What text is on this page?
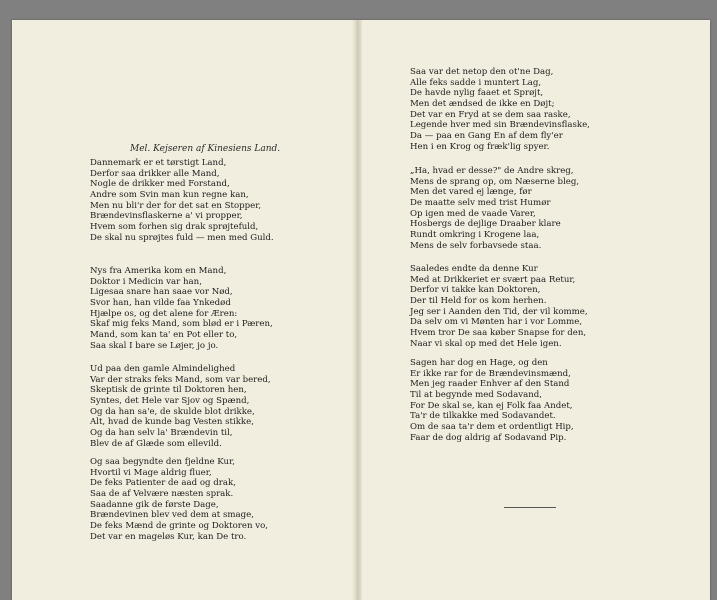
Mel. Kejseren af Kinesiens Land.
Dannemark er et tørstigt Land,
Derfor saa drikker alle Mand,
Nogle de drikker med Forstand,
Andre som Svin man kun regne kan,
Men nu bli'r der for det sat en Stopper,
Brændevinsflaskerne a' vi propper,
Hvem som forhen sig drak sprøjtefuld,
De skal nu sprøjtes fuld — men med Guld.
Nys fra Amerika kom en Mand,
Doktor i Medicin var han,
Ligesaa snare han saae vor Nød,
Svor han, han vilde faa Ynkedød
Hjælpe os, og det alene for Æren:
Skaf mig feks Mand, som blød er i Pæren,
Mand, som kan ta' en Pot eller to,
Saa skal I bare se Løjer, jo jo.
Ud paa den gamle Almindelighed
Var der straks feks Mand, som var bered,
Skeptisk de grinte til Doktoren hen,
Syntes, det Hele var Sjov og Spænd,
Og da han sa'e, de skulde blot drikke,
Alt, hvad de kunde bag Vesten stikke,
Og da han selv la' Brændevin til,
Blev de af Glæde som ellevild.
Og saa begyndte den fjeldne Kur,
Hvortil vi Mage aldrig fluer,
De feks Patienter de aad og drak,
Saa de af Velvære næsten sprak.
Saadanne gik de første Dage,
Brændevinen blev ved dem at smage,
De feks Mænd de grinte og Doktoren vo,
Det var en mageløs Kur, kan De tro.
Saa var det netop den ot'ne Dag,
Alle feks sadde i muntert Lag,
De havde nylig faaet et Sprøjt,
Men det ændsed de ikke en Døjt;
Det var en Fryd at se dem saa raske,
Legende hver med sin Brændevinsflaske,
Da — paa en Gang En af dem fly'er
Hen i en Krog og fræk'lig spyer.
„Ha, hvad er desse?" de Andre skreg,
Mens de sprang op, om Næserne bleg,
Men det vared ej længe, før
De maatte selv med trist Humør
Op igen med de vaade Varer,
Hosbergs de dejlige Draaber klare
Rundt omkring i Krogene laa,
Mens de selv forbavsede staa.
Saaledes endte da denne Kur
Med at Drikkeriet er svært paa Retur,
Derfor vi takke kan Doktoren,
Der til Held for os kom herhen.
Jeg ser i Aanden den Tid, der vil komme,
Da selv om vi Mønten har i vor Lomme,
Hvem tror De saa køber Snapse for den,
Naar vi skal op med det Hele igen.
Sagen har dog en Hage, og den
Er ikke rar for de Brændevinsmænd,
Men jeg raader Enhver af den Stand
Til at begynde med Sodavand,
For De skal se, kan ej Folk faa Andet,
Ta'r de tilkakke med Sodavandet.
Om de saa ta'r dem et ordentligt Hip,
Faar de dog aldrig af Sodavand Pip.
